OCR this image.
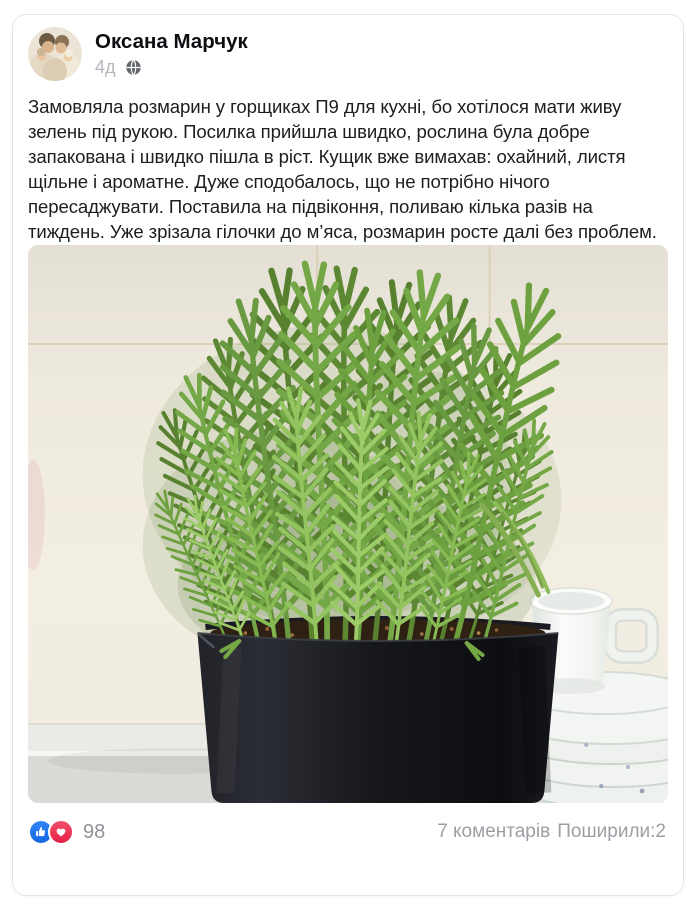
Оксана Марчук
4д

Замовляла розмарин у горщиках П9 для кухні, бо хотілося мати живу зелень під рукою. Посилка прийшла швидко, рослина була добре запакована і швидко пішла в ріст. Кущик вже вимахав: охайний, листя щільне і ароматне. Дуже сподобалось, що не потрібно нічого пересаджувати. Поставила на підвіконня, поливаю кілька разів на тиждень. Уже зрізала гілочки до м’яса, розмарин росте далі без проблем.

98	7 коментарів Поширили:2
